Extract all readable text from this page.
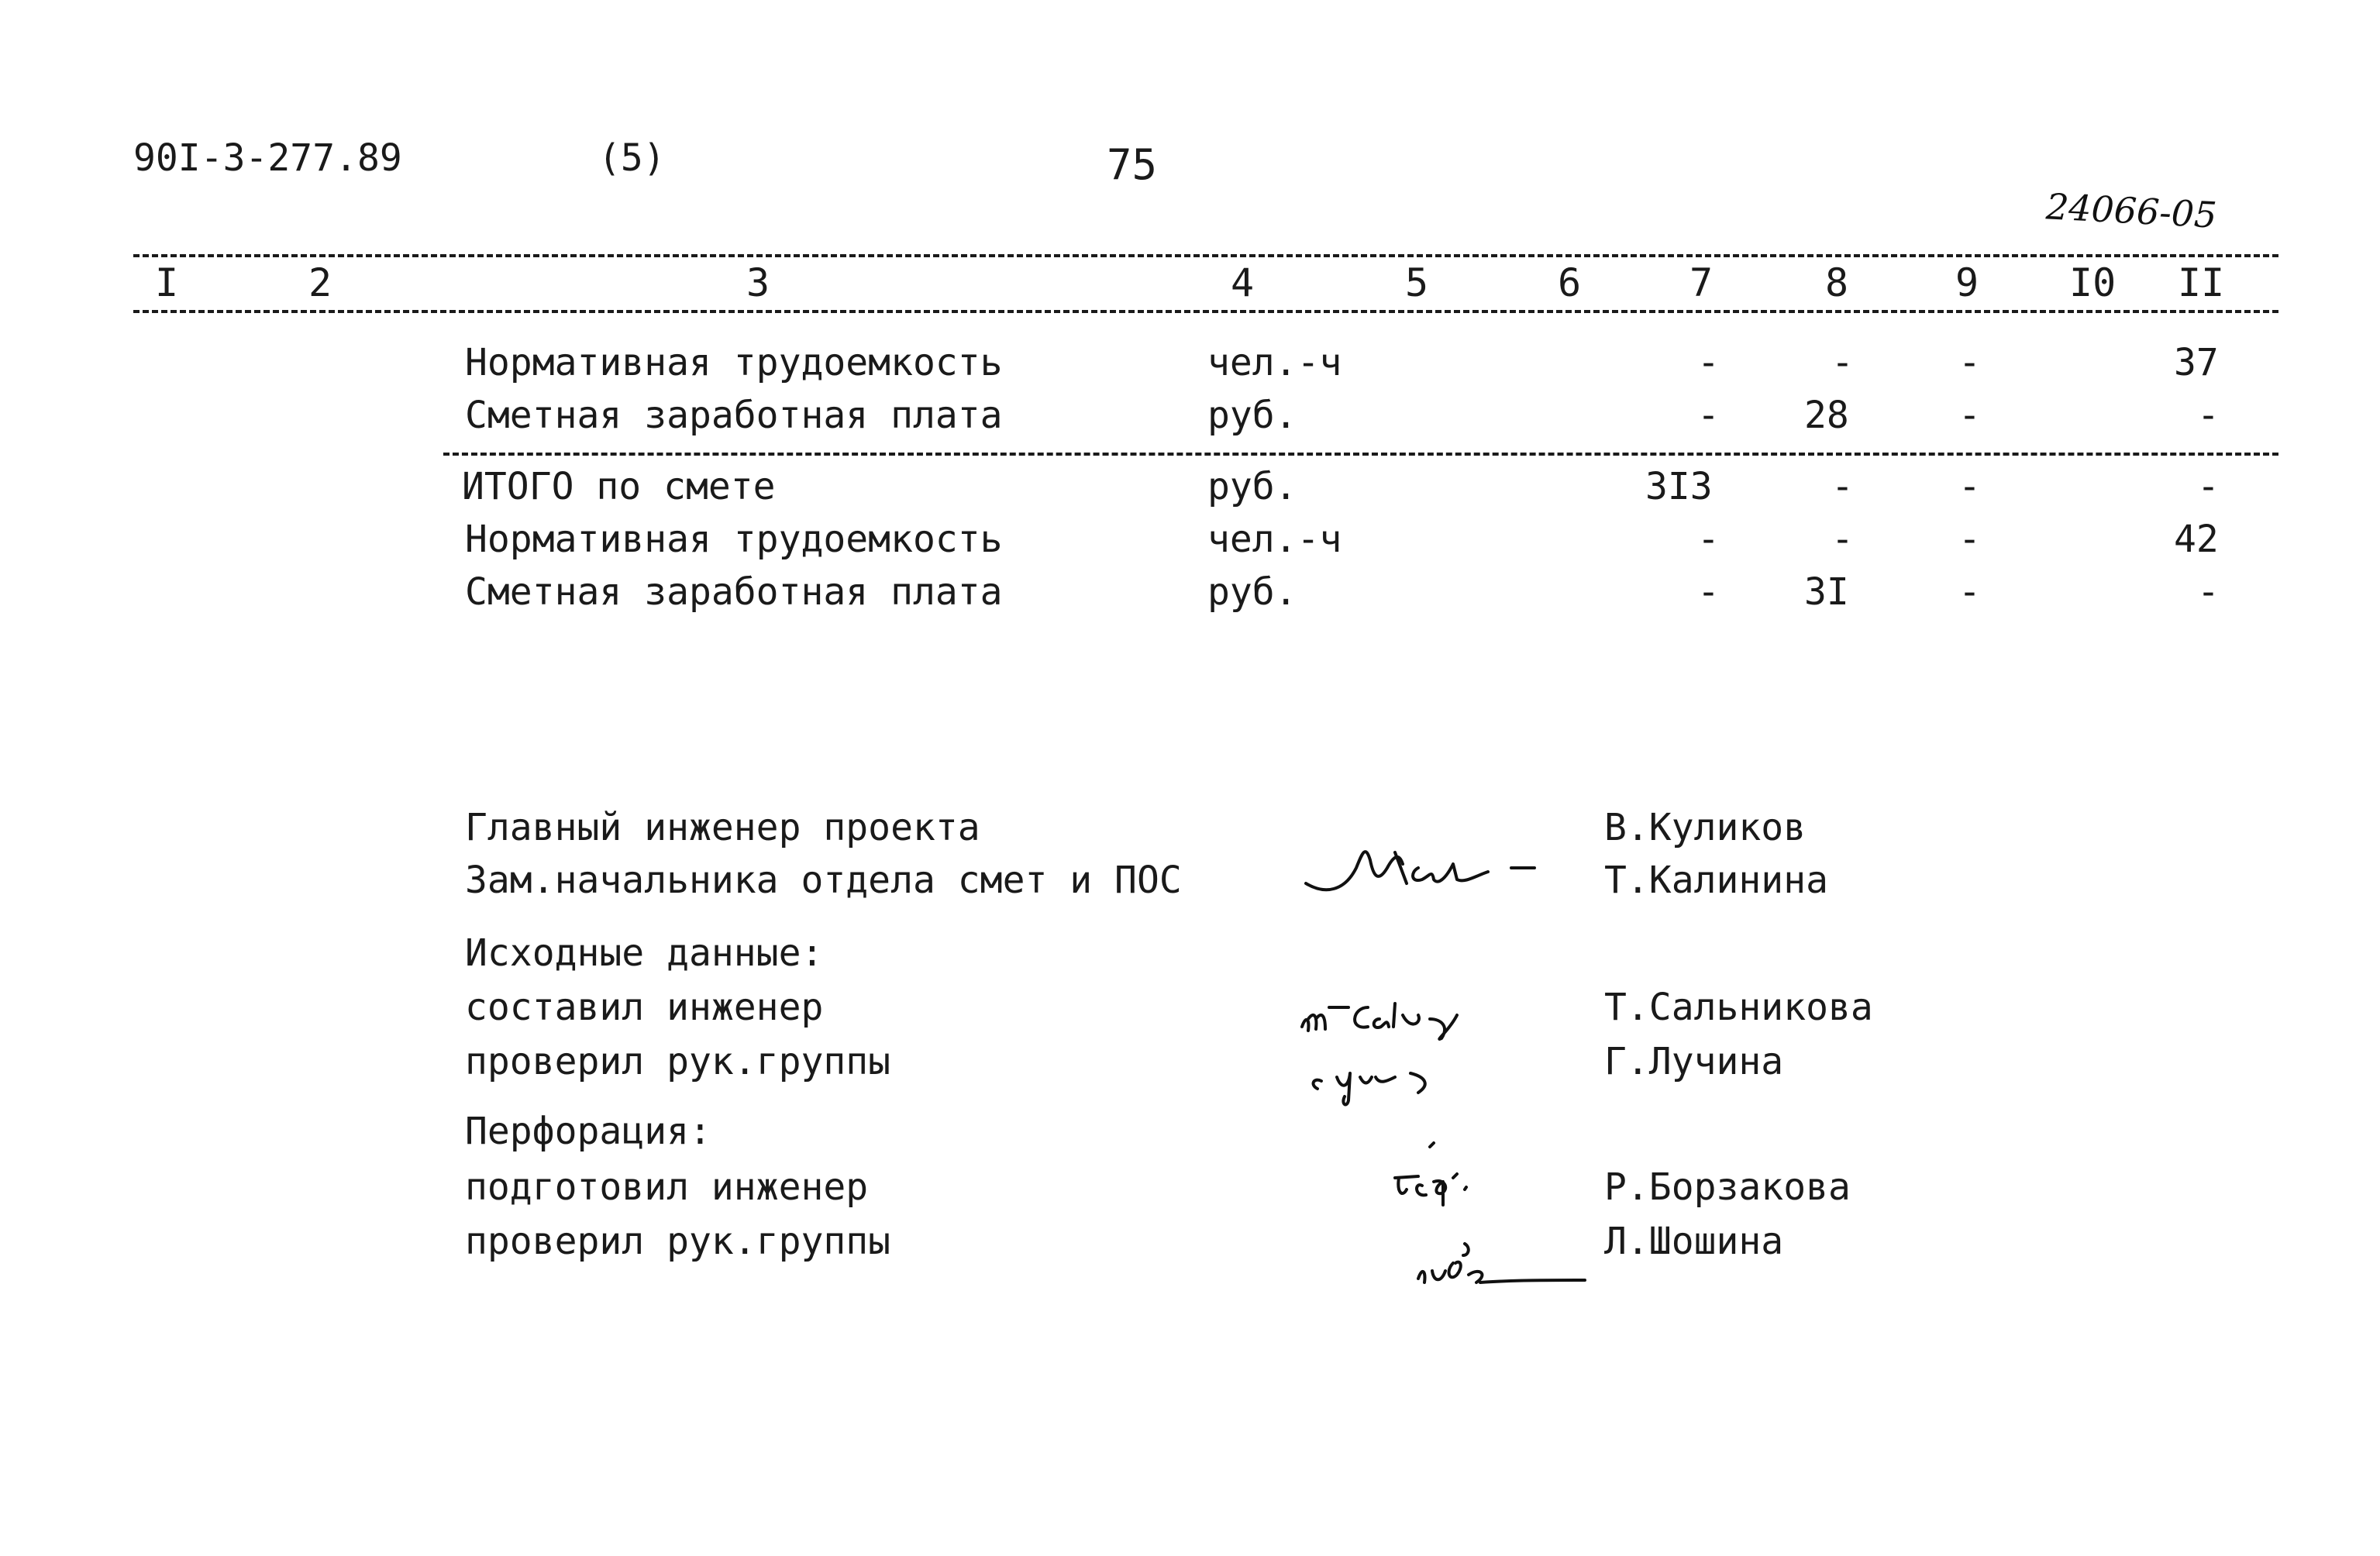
90I-3-277.89	(5)	75
24066-05
I	2	3	4	5	6	7	8	9 I0 II
Нормативная трудоемкость	чел.-ч	-	-	-	37
Сметная заработная плата	руб.	- 28	-	-
ИТОГО по смете	руб.	3I3	-	-	-
Нормативная трудоемкость	чел.-ч	-	-	-	42
Сметная заработная плата	руб.	- 3I	-	-
Главный инженер проекта	В.Куликов
Зам.начальника отдела смет и ПОС	Т.Калинина
Исходные данные:
составил инженер	Т.Сальникова
проверил рук.группы	Г.Лучина
Перфорация:
подготовил инженер	Р.Борзакова
проверил рук.группы	Л.Шошина
